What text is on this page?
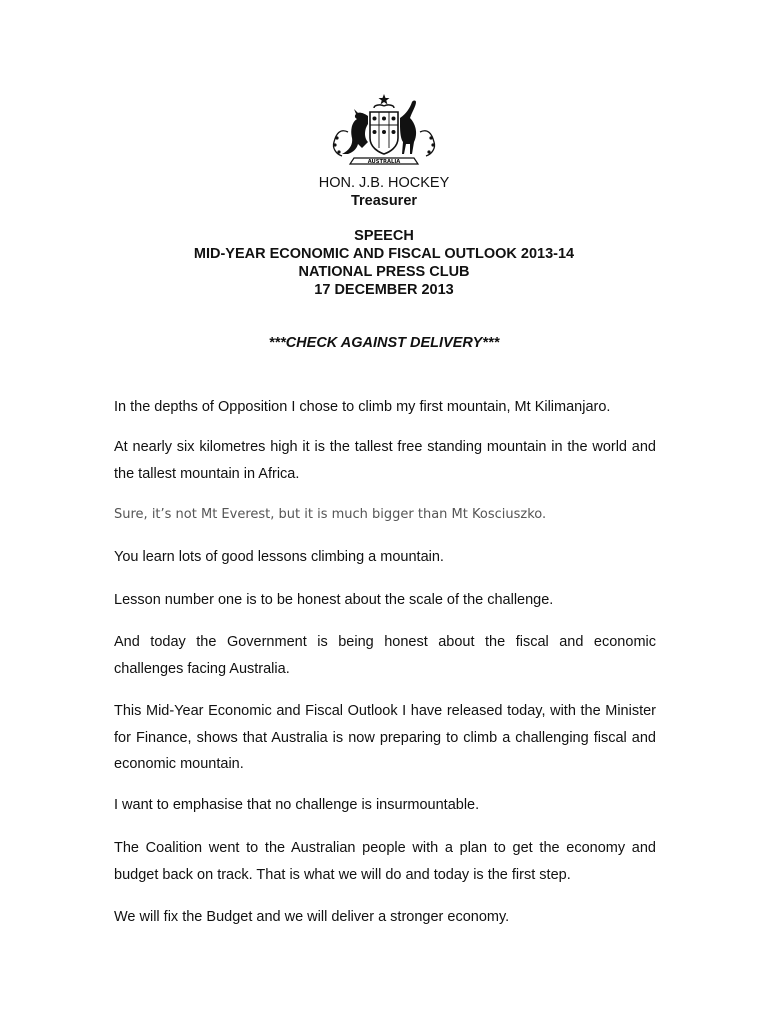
AUSTRALIA
HON. J.B. HOCKEY
Treasurer
SPEECH
MID-YEAR ECONOMIC AND FISCAL OUTLOOK 2013-14
NATIONAL PRESS CLUB
17 DECEMBER 2013
***CHECK AGAINST DELIVERY***

In the depths of Opposition I chose to climb my first mountain, Mt Kilimanjaro.

At nearly six kilometres high it is the tallest free standing mountain in the world and the tallest mountain in Africa.

Sure, it’s not Mt Everest, but it is much bigger than Mt Kosciuszko.

You learn lots of good lessons climbing a mountain.

Lesson number one is to be honest about the scale of the challenge.

And today the Government is being honest about the fiscal and economic challenges facing Australia.

This Mid-Year Economic and Fiscal Outlook I have released today, with the Minister for Finance, shows that Australia is now preparing to climb a challenging fiscal and economic mountain.

I want to emphasise that no challenge is insurmountable.

The Coalition went to the Australian people with a plan to get the economy and budget back on track. That is what we will do and today is the first step.

We will fix the Budget and we will deliver a stronger economy.
